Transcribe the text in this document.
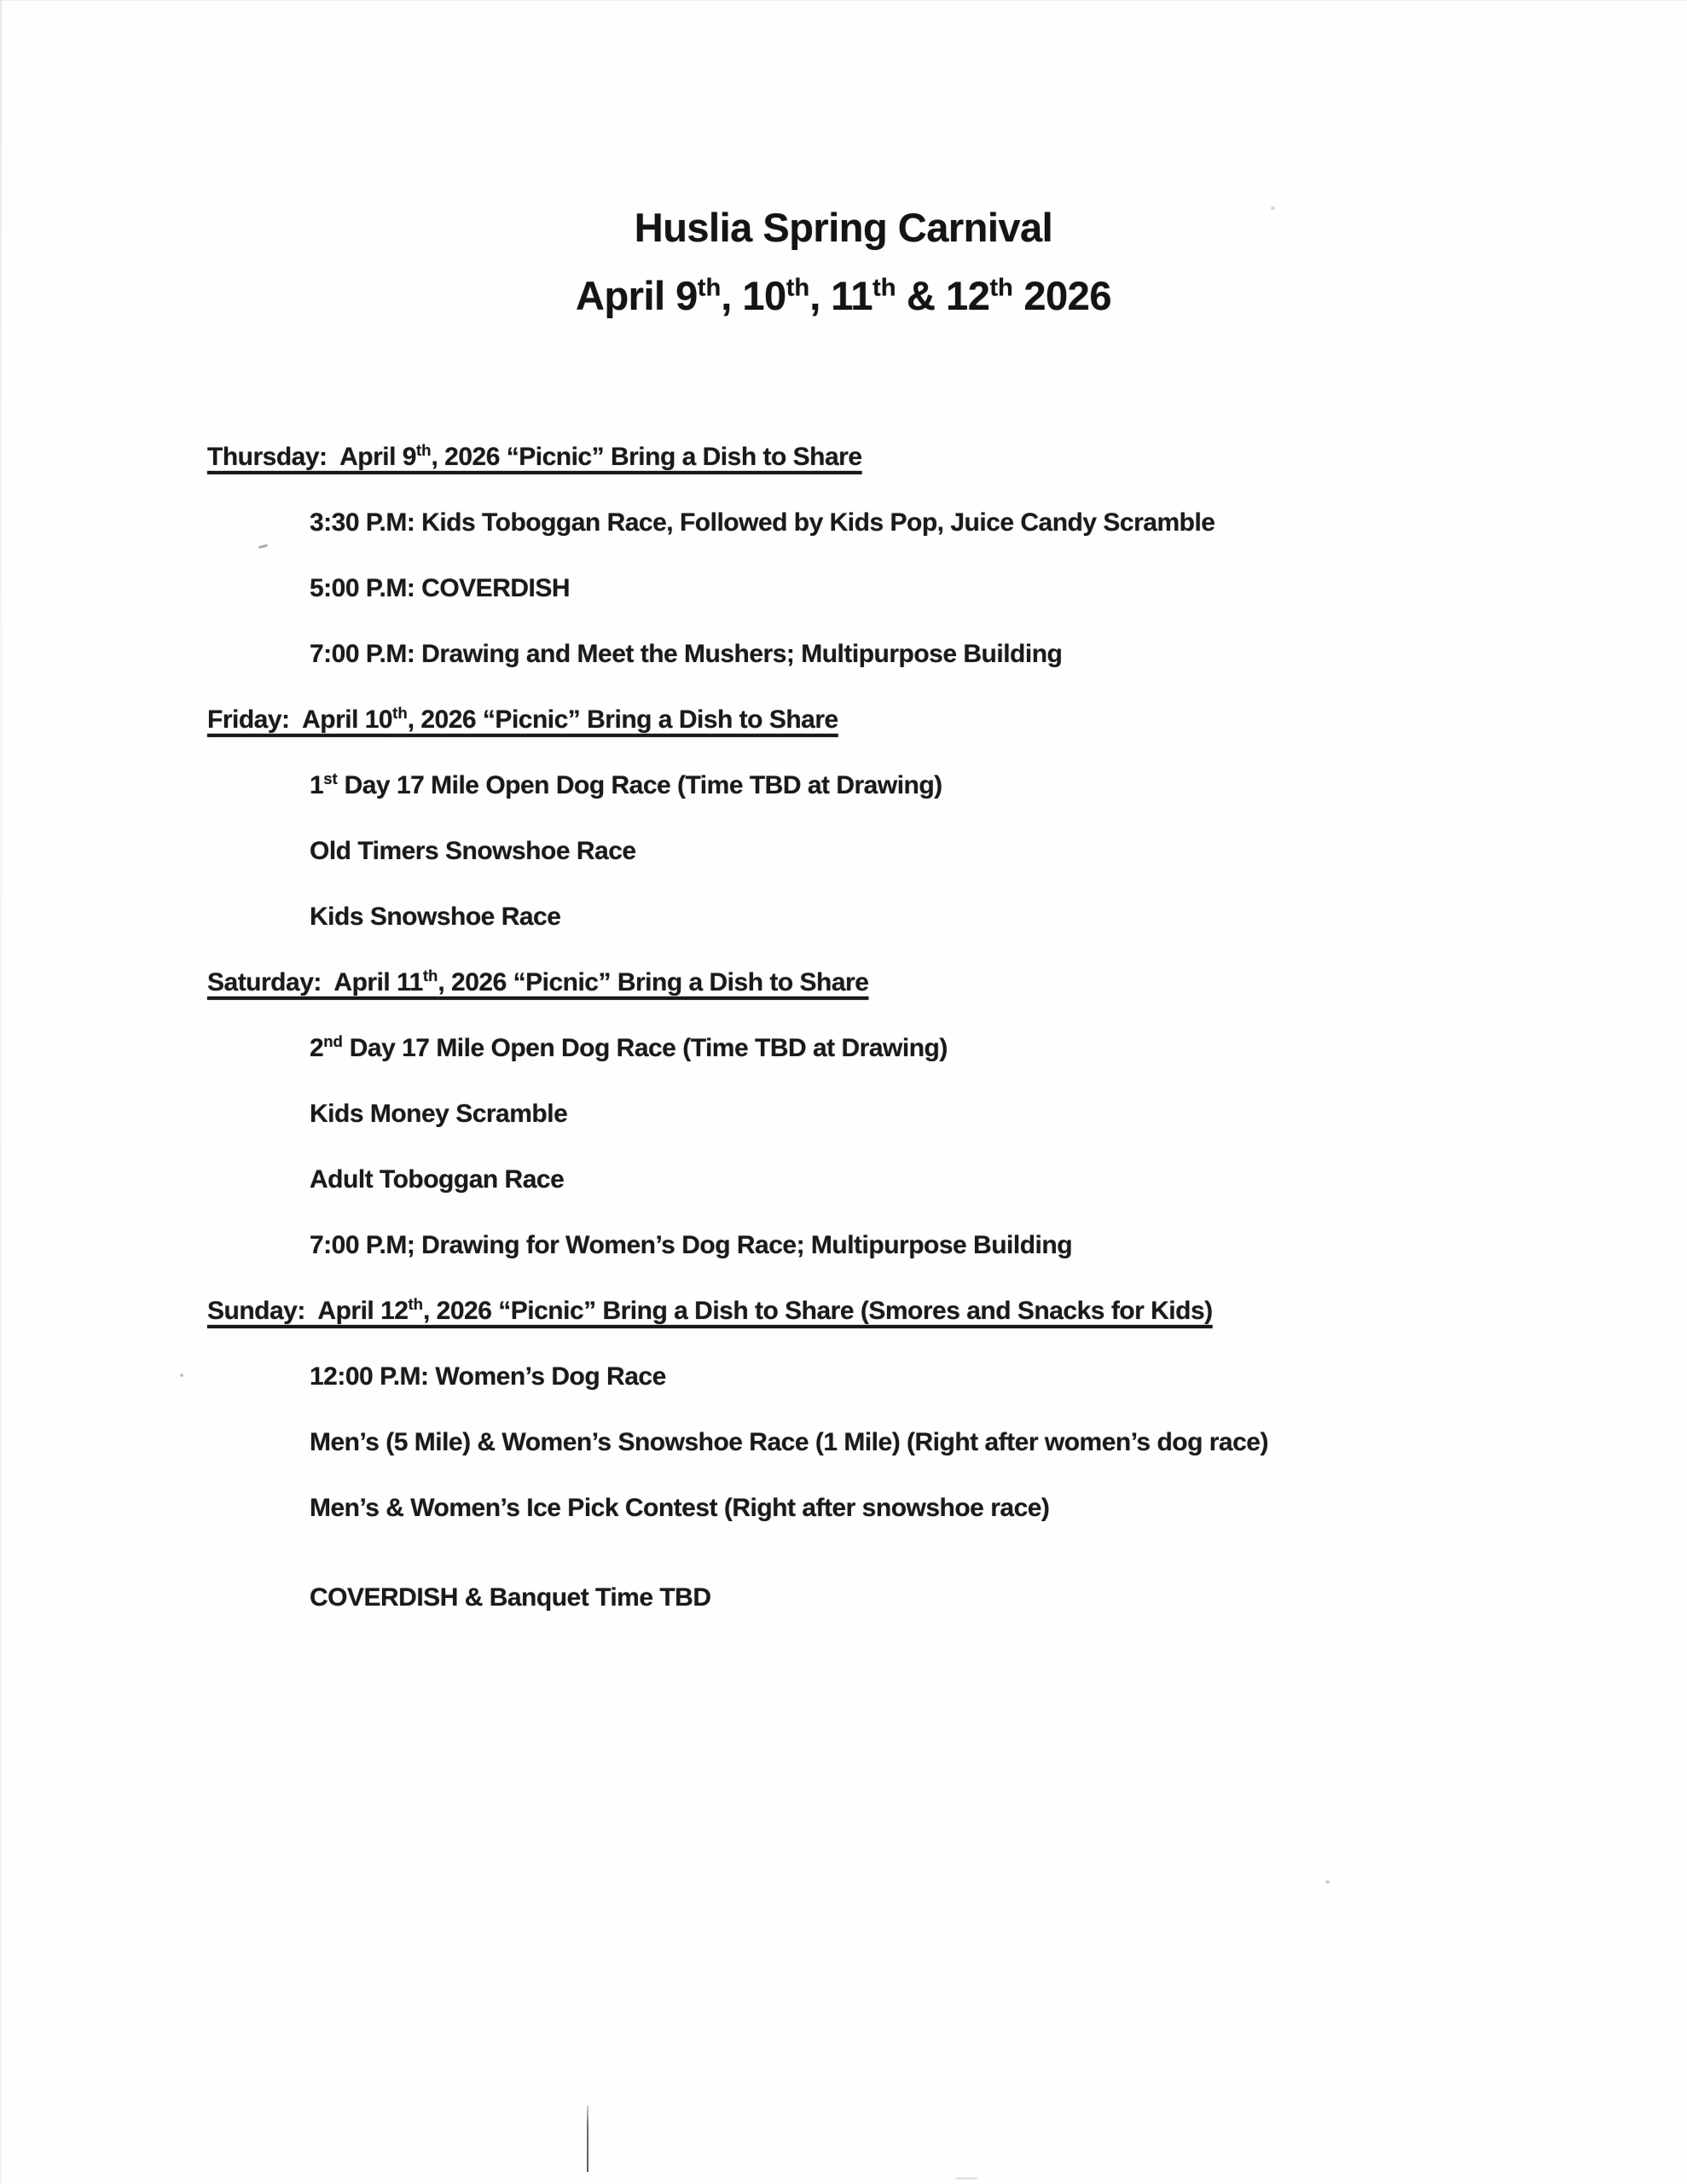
Huslia Spring Carnival
April 9th, 10th, 11th & 12th 2026
Thursday:  April 9th, 2026 “Picnic” Bring a Dish to Share
3:30 P.M: Kids Toboggan Race, Followed by Kids Pop, Juice Candy Scramble
5:00 P.M: COVERDISH
7:00 P.M: Drawing and Meet the Mushers; Multipurpose Building
Friday:  April 10th, 2026 “Picnic” Bring a Dish to Share
1st Day 17 Mile Open Dog Race (Time TBD at Drawing)
Old Timers Snowshoe Race
Kids Snowshoe Race
Saturday:  April 11th, 2026 “Picnic” Bring a Dish to Share
2nd Day 17 Mile Open Dog Race (Time TBD at Drawing)
Kids Money Scramble
Adult Toboggan Race
7:00 P.M; Drawing for Women’s Dog Race; Multipurpose Building
Sunday:  April 12th, 2026 “Picnic” Bring a Dish to Share (Smores and Snacks for Kids)
12:00 P.M: Women’s Dog Race
Men’s (5 Mile) & Women’s Snowshoe Race (1 Mile) (Right after women’s dog race)
Men’s & Women’s Ice Pick Contest (Right after snowshoe race)
COVERDISH & Banquet Time TBD
